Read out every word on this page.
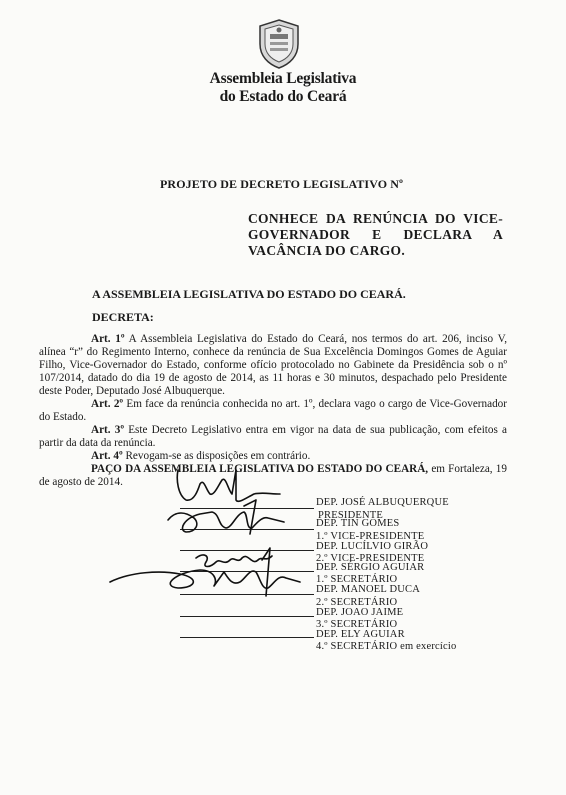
Assembleia Legislativa
do Estado do Ceará
PROJETO DE DECRETO LEGISLATIVO Nº
CONHECE DA RENÚNCIA DO VICE-GOVERNADOR E DECLARA A
VACÂNCIA DO CARGO.
A ASSEMBLEIA LEGISLATIVA DO ESTADO DO CEARÁ.
DECRETA:

Art. 1º A Assembleia Legislativa do Estado do Ceará, nos termos do art. 206, inciso V, alínea “r” do Regimento Interno, conhece da renúncia de Sua Excelência Domingos Gomes de Aguiar Filho, Vice-Governador do Estado, conforme ofício protocolado no Gabinete da Presidência sob o nº 107/2014, datado do dia 19 de agosto de 2014, as 11 horas e 30 minutos, despachado pelo Presidente deste Poder, Deputado José Albuquerque.

Art. 2º Em face da renúncia conhecida no art. 1º, declara vago o cargo de Vice-Governador do Estado.

Art. 3º Este Decreto Legislativo entra em vigor na data de sua publicação, com efeitos a partir da data da renúncia.

Art. 4º Revogam-se as disposições em contrário.

PAÇO DA ASSEMBLEIA LEGISLATIVA DO ESTADO DO CEARÁ, em Fortaleza, 19 de agosto de 2014.

DEP. JOSÉ ALBUQUERQUE
PRESIDENTE
DEP. TIN GOMES
1.º VICE-PRESIDENTE
DEP. LUCÍLVIO GIRÃO
2.º VICE-PRESIDENTE
DEP. SÉRGIO AGUIAR
1.º SECRETÁRIO
DEP. MANOEL DUCA
2.º SECRETÁRIO
DEP. JOAO JAIME
3.º SECRETÁRIO
DEP. ELY AGUIAR
4.º SECRETÁRIO em exercício
